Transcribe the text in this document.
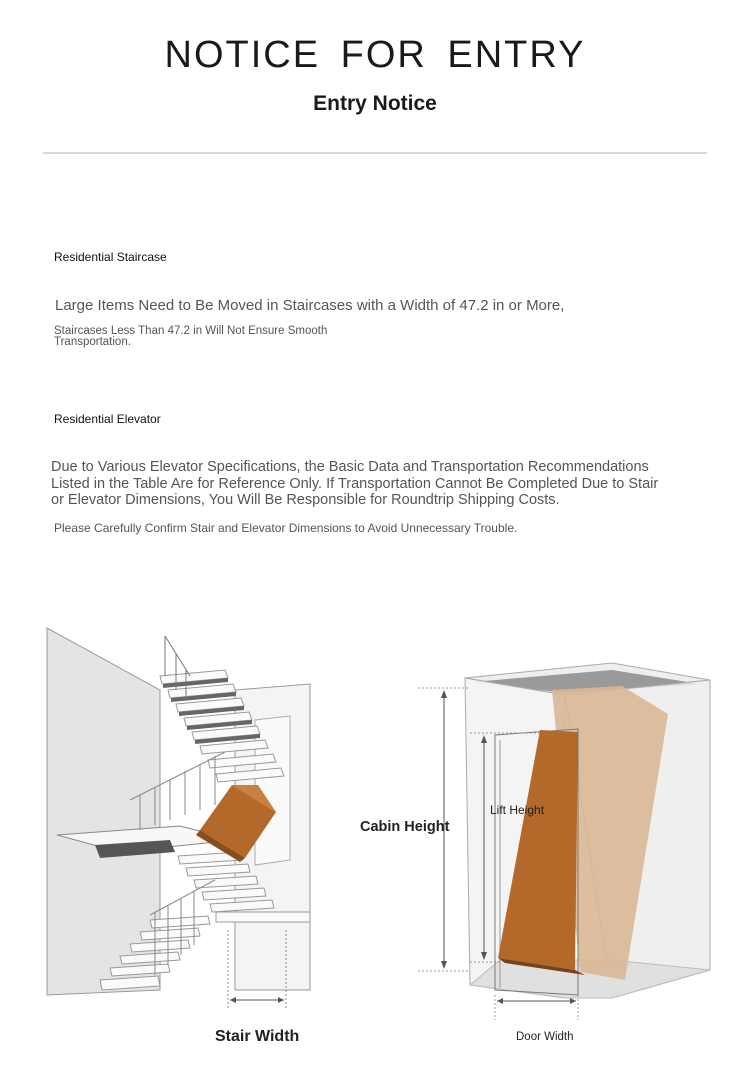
NOTICE FOR ENTRY
Entry Notice
Residential Staircase
Large Items Need to Be Moved in Staircases with a Width of 47.2 in or More,
Staircases Less Than 47.2 in Will Not Ensure Smooth
Transportation.
Residential Elevator
Due to Various Elevator Specifications, the Basic Data and Transportation Recommendations
Listed in the Table Are for Reference Only. If Transportation Cannot Be Completed Due to Stair
or Elevator Dimensions, You Will Be Responsible for Roundtrip Shipping Costs.
Please Carefully Confirm Stair and Elevator Dimensions to Avoid Unnecessary Trouble.
Stair Width
Cabin Height
Lift Height
Door Width
